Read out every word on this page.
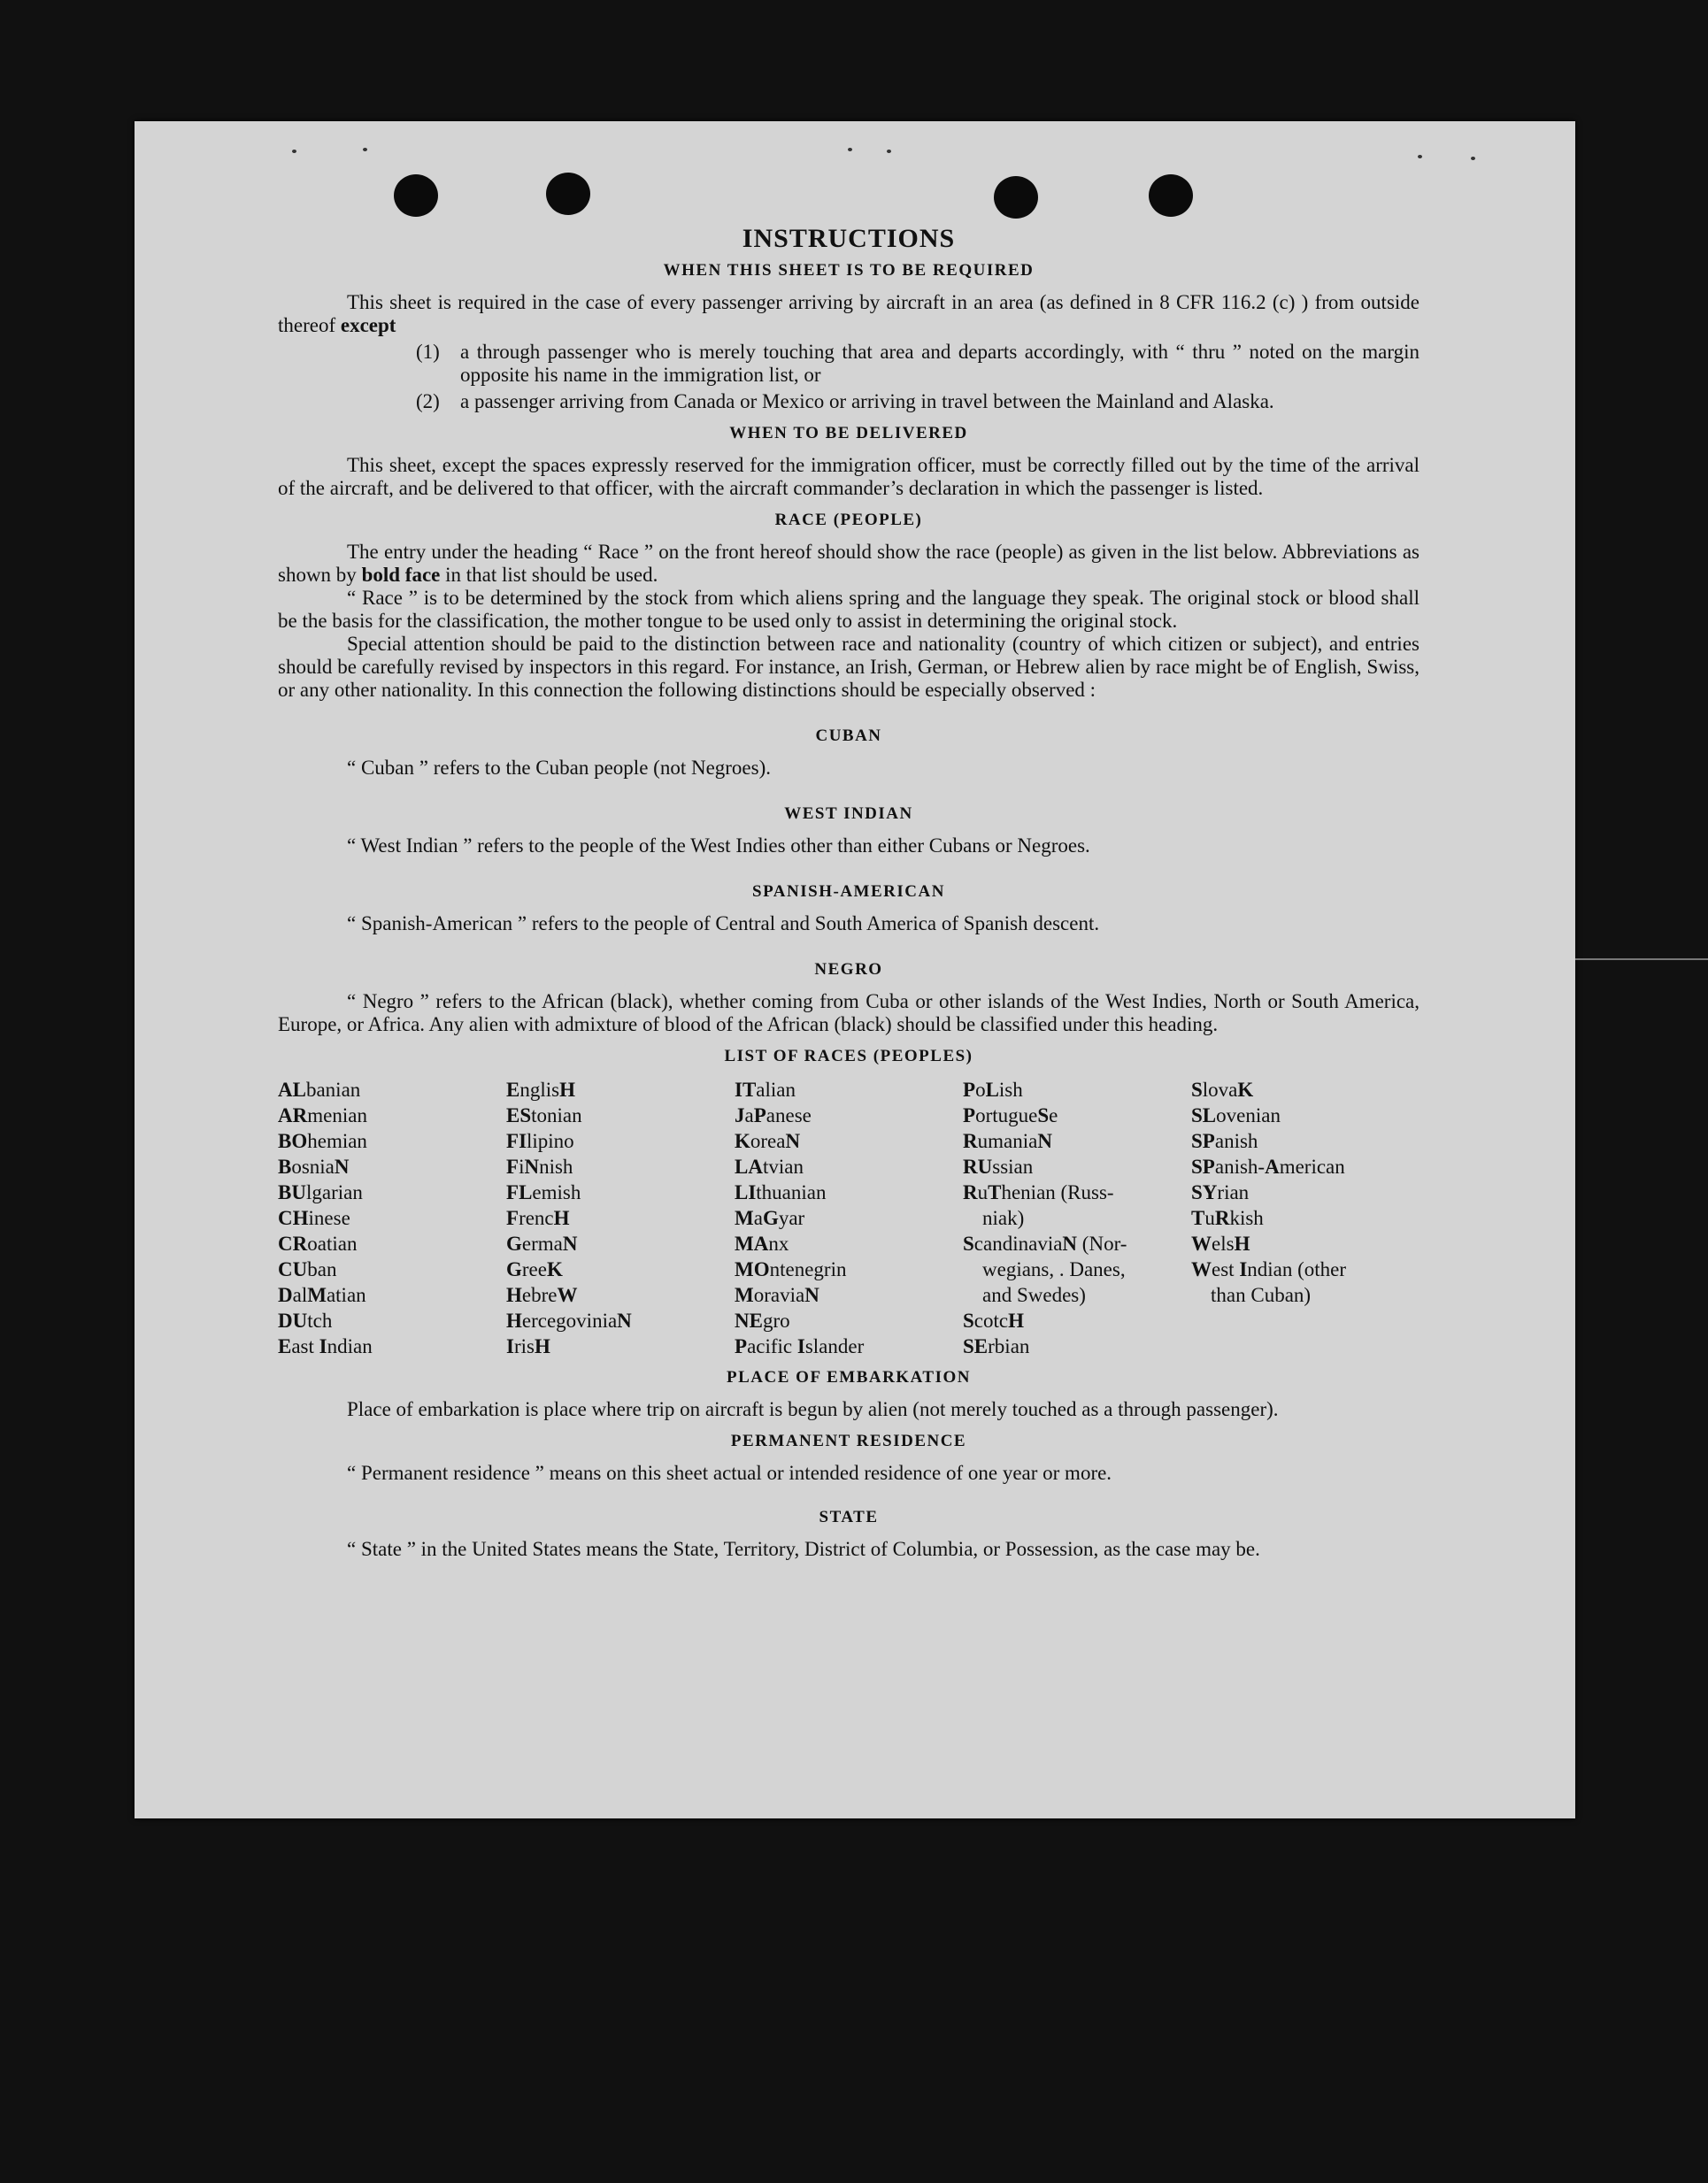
INSTRUCTIONS
WHEN THIS SHEET IS TO BE REQUIRED

This sheet is required in the case of every passenger arriving by aircraft in an area (as defined in 8 CFR 116.2 (c) ) from outside thereof except

(1)	a through passenger who is merely touching that area and departs accordingly, with “ thru ” noted on the margin opposite his name in the immigration list, or
(2)	a passenger arriving from Canada or Mexico or arriving in travel between the Mainland and Alaska.
WHEN TO BE DELIVERED

This sheet, except the spaces expressly reserved for the immigration officer, must be correctly filled out by the time of the arrival of the aircraft, and be delivered to that officer, with the aircraft commander’s declaration in which the passenger is listed.

RACE (PEOPLE)

The entry under the heading “ Race ” on the front hereof should show the race (people) as given in the list below. Abbreviations as shown by bold face in that list should be used.

“ Race ” is to be determined by the stock from which aliens spring and the language they speak. The original stock or blood shall be the basis for the classification, the mother tongue to be used only to assist in determining the original stock.

Special attention should be paid to the distinction between race and nationality (country of which citizen or subject), and entries should be carefully revised by inspectors in this regard. For instance, an Irish, German, or Hebrew alien by race might be of English, Swiss, or any other nationality. In this connection the following distinctions should be especially observed :

CUBAN

“ Cuban ” refers to the Cuban people (not Negroes).

WEST INDIAN

“ West Indian ” refers to the people of the West Indies other than either Cubans or Negroes.

SPANISH-AMERICAN

“ Spanish-American ” refers to the people of Central and South America of Spanish descent.

NEGRO

“ Negro ” refers to the African (black), whether coming from Cuba or other islands of the West Indies, North or South America, Europe, or Africa. Any alien with admixture of blood of the African (black) should be classified under this heading.

LIST OF RACES (PEOPLES)
ALbanian
ARmenian
BOhemian
BosniaN
BUlgarian
CHinese
CRoatian
CUban
DalMatian
DUtch
East Indian
EnglisH
EStonian
FIlipino
FiNnish
FLemish
FrencH
GermaN
GreeK
HebreW
HercegoviniaN
IrisH
ITalian
JaPanese
KoreaN
LAtvian
LIthuanian
MaGyar
MAnx
MOntenegrin
MoraviaN
NEgro
Pacific Islander
PoLish
PortugueSe
RumaniaN
RUssian
RuThenian (Russ-
niak)
ScandinaviaN (Nor-
wegians, . Danes,
and Swedes)
ScotcH
SErbian
SlovaK
SLovenian
SPanish
SPanish-American
SYrian
TuRkish
WelsH
West Indian (other
than Cuban)
PLACE OF EMBARKATION

Place of embarkation is place where trip on aircraft is begun by alien (not merely touched as a through passenger).

PERMANENT RESIDENCE

“ Permanent residence ” means on this sheet actual or intended residence of one year or more.

STATE

“ State ” in the United States means the State, Territory, District of Columbia, or Possession, as the case may be.
